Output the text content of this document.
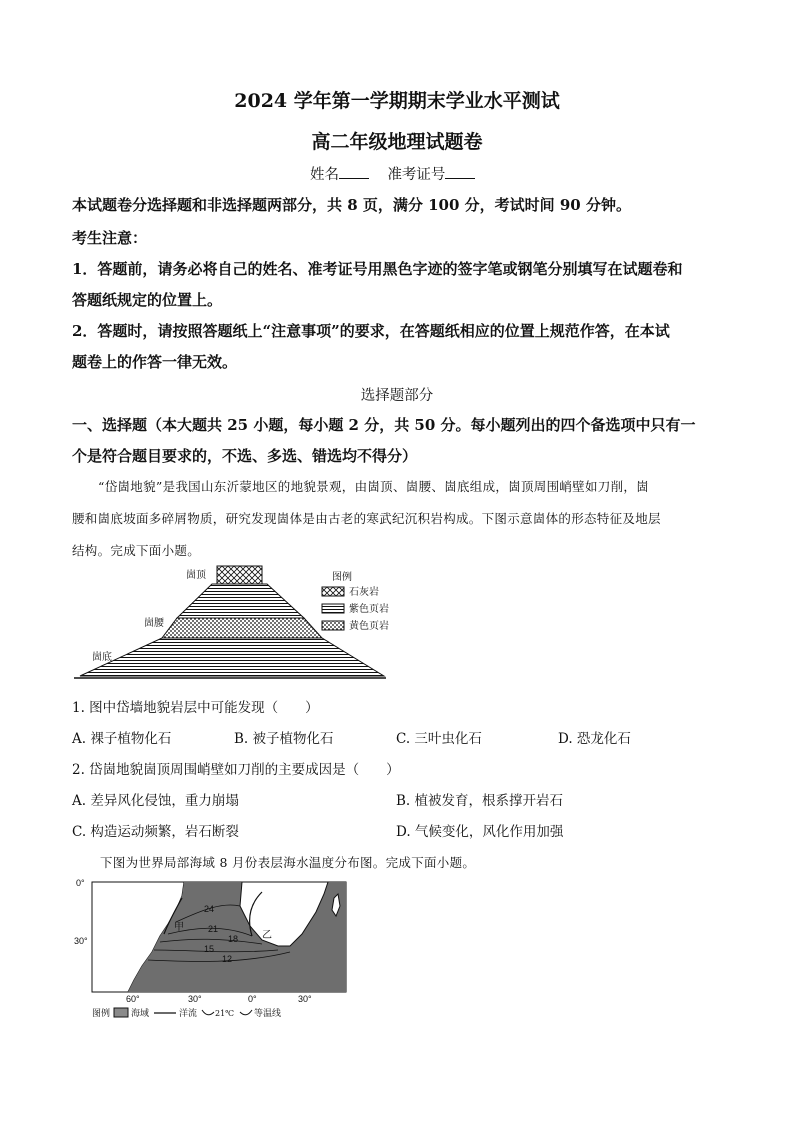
2024 学年第一学期期末学业水平测试
高二年级地理试题卷
姓名	准考证号
本试题卷分选择题和非选择题两部分，共 8 页，满分 100 分，考试时间 90 分钟。
考生注意：
1．答题前，请务必将自己的姓名、准考证号用黑色字迹的签字笔或钢笔分别填写在试题卷和
答题纸规定的位置上。
2．答题时，请按照答题纸上“注意事项”的要求，在答题纸相应的位置上规范作答，在本试
题卷上的作答一律无效。
选择题部分
一、选择题（本大题共 25 小题，每小题 2 分，共 50 分。每小题列出的四个备选项中只有一
个是符合题目要求的，不选、多选、错选均不得分）
“岱崮地貌”是我国山东沂蒙地区的地貌景观，由崮顶、崮腰、崮底组成，崮顶周围峭壁如刀削，崮
腰和崮底坡面多碎屑物质，研究发现崮体是由古老的寒武纪沉积岩构成。下图示意崮体的形态特征及地层
结构。完成下面小题。
崮顶
崮腰
崮底
图例
石灰岩
紫色页岩
黄色页岩
1. 图中岱墙地貌岩层中可能发现（　　）
A. 裸子植物化石	B. 被子植物化石	C. 三叶虫化石	D. 恐龙化石
2. 岱崮地貌崮顶周围峭壁如刀削的主要成因是（　　）
A. 差异风化侵蚀，重力崩塌	B. 植被发育，根系撑开岩石
C. 构造运动频繁，岩石断裂	D. 气候变化，风化作用加强
下图为世界局部海域 8 月份表层海水温度分布图。完成下面小题。
24
21
18
15
12
甲
乙
0°
30°
60°	30°	0°	30°
图例 海域	洋流 21℃ 等温线
